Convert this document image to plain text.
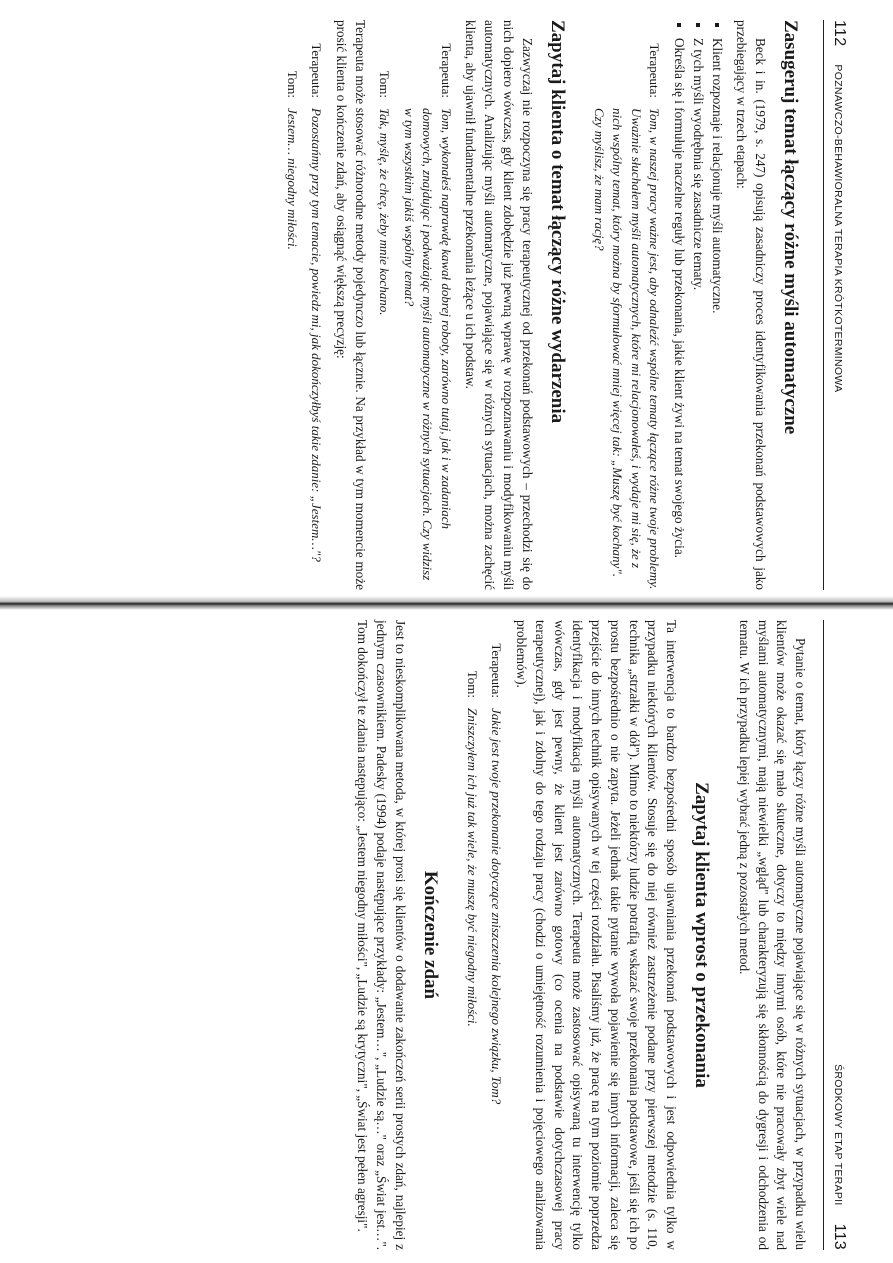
112
POZNAWCZO-BEHAWIORALNA TERAPIA KRÓTKOTERMINOWA
Zasugeruj temat łączący różne myśli automatyczne

Beck i in. (1979, s. 247) opisują zasadniczy proces identyfikowania przekonań podstawowych jako przebiegający w trzech etapach:

▪ Klient rozpoznaje i relacjonuje myśli automatyczne.
▪ Z tych myśli wyodrębnia się zasadnicze tematy.
▪ Określa się i formułuje naczelne reguły lub przekonania, jakie klient żywi na temat swojego życia.
Terapeuta:
Tom, w naszej pracy ważne jest, aby odnaleźć wspólne tematy łączące różne twoje problemy. Uważnie słuchałem myśli automatycznych, które mi relacjonowałeś, i wydaje mi się, że z nich wspólny temat, który można by sformułować mniej więcej tak: „Muszę być kochany". Czy myślisz, że mam rację?
Zapytaj klienta o temat łączący różne wydarzenia

Zazwyczaj nie rozpoczyna się pracy terapeutycznej od przekonań podstawowych – przechodzi się do nich dopiero wówczas, gdy klient zdobędzie już pewną wprawę w rozpoznawaniu i modyfikowaniu myśli automatycznych. Analizując myśli automatyczne, pojawiające się w różnych sytuacjach, można zachęcić klienta, aby ujawnił fundamentalne przekonania leżące u ich podstaw.

Terapeuta:
Tom, wykonałeś naprawdę kawał dobrej roboty, zarówno tutaj, jak i w zadaniach domowych, znajdując i podważając myśli automatyczne w różnych sytuacjach. Czy widzisz w tym wszystkim jakiś wspólny temat?
Tom:
Tak, myślę, że chcę, żeby mnie kochano.

Terapeuta może stosować różnorodne metody pojedynczo lub łącznie. Na przykład w tym momencie może prosić klienta o kończenie zdań, aby osiągnąć większą precyzję:

Terapeuta:
Pozostańmy przy tym temacie, powiedz mi, jak dokończyłbyś takie zdanie: „Jestem…"?
Tom:
Jestem… niegodny miłości.
ŚRODKOWY ETAP TERAPII
113

Pytanie o temat, który łączy różne myśli automatyczne pojawiające się w różnych sytuacjach, w przypadku wielu klientów może okazać się mało skuteczne, dotyczy to między innymi osób, które nie pracowały zbyt wiele nad myślami automatycznymi, mają niewielki „wgląd" lub charakteryzują się skłonnością do dygresji i odchodzenia od tematu. W ich przypadku lepiej wybrać jedną z pozostałych metod.

Zapytaj klienta wprost o przekonania

Ta interwencja to bardzo bezpośredni sposób ujawniania przekonań podstawowych i jest odpowiednia tylko w przypadku niektórych klientów. Stosuje się do niej również zastrzeżenie podane przy pierwszej metodzie (s. 110, technika „strzałki w dół"). Mimo to niektórzy ludzie potrafią wskazać swoje przekonania podstawowe, jeśli się ich po prostu bezpośrednio o nie zapyta. Jeżeli jednak takie pytanie wywoła pojawienie się innych informacji, zaleca się przejście do innych technik opisywanych w tej części rozdziału. Pisaliśmy już, że pracę na tym poziomie poprzedza identyfikacja i modyfikacja myśli automatycznych. Terapeuta może zastosować opisywaną tu interwencję tylko wówczas, gdy jest pewny, że klient jest zarówno gotowy (co ocenia na podstawie dotychczasowej pracy terapeutycznej), jak i zdolny do tego rodzaju pracy (chodzi o umiejętność rozumienia i pojęciowego analizowania problemów).

Terapeuta:
Jakie jest twoje przekonanie dotyczące zniszczenia kolejnego związku, Tom?
Tom:
Zniszczyłem ich już tak wiele, że muszę być niegodny miłości.
Kończenie zdań

Jest to nieskomplikowana metoda, w której prosi się klientów o dodawanie zakończeń serii prostych zdań, najlepiej z jednym czasownikiem. Padesky (1994) podaje następujące przykłady: „Jestem…", „Ludzie są…" oraz „Świat jest…". Tom dokończył te zdania następująco: „Jestem niegodny miłości", „Ludzie są krytyczni", „Świat jest pełen agresji".
